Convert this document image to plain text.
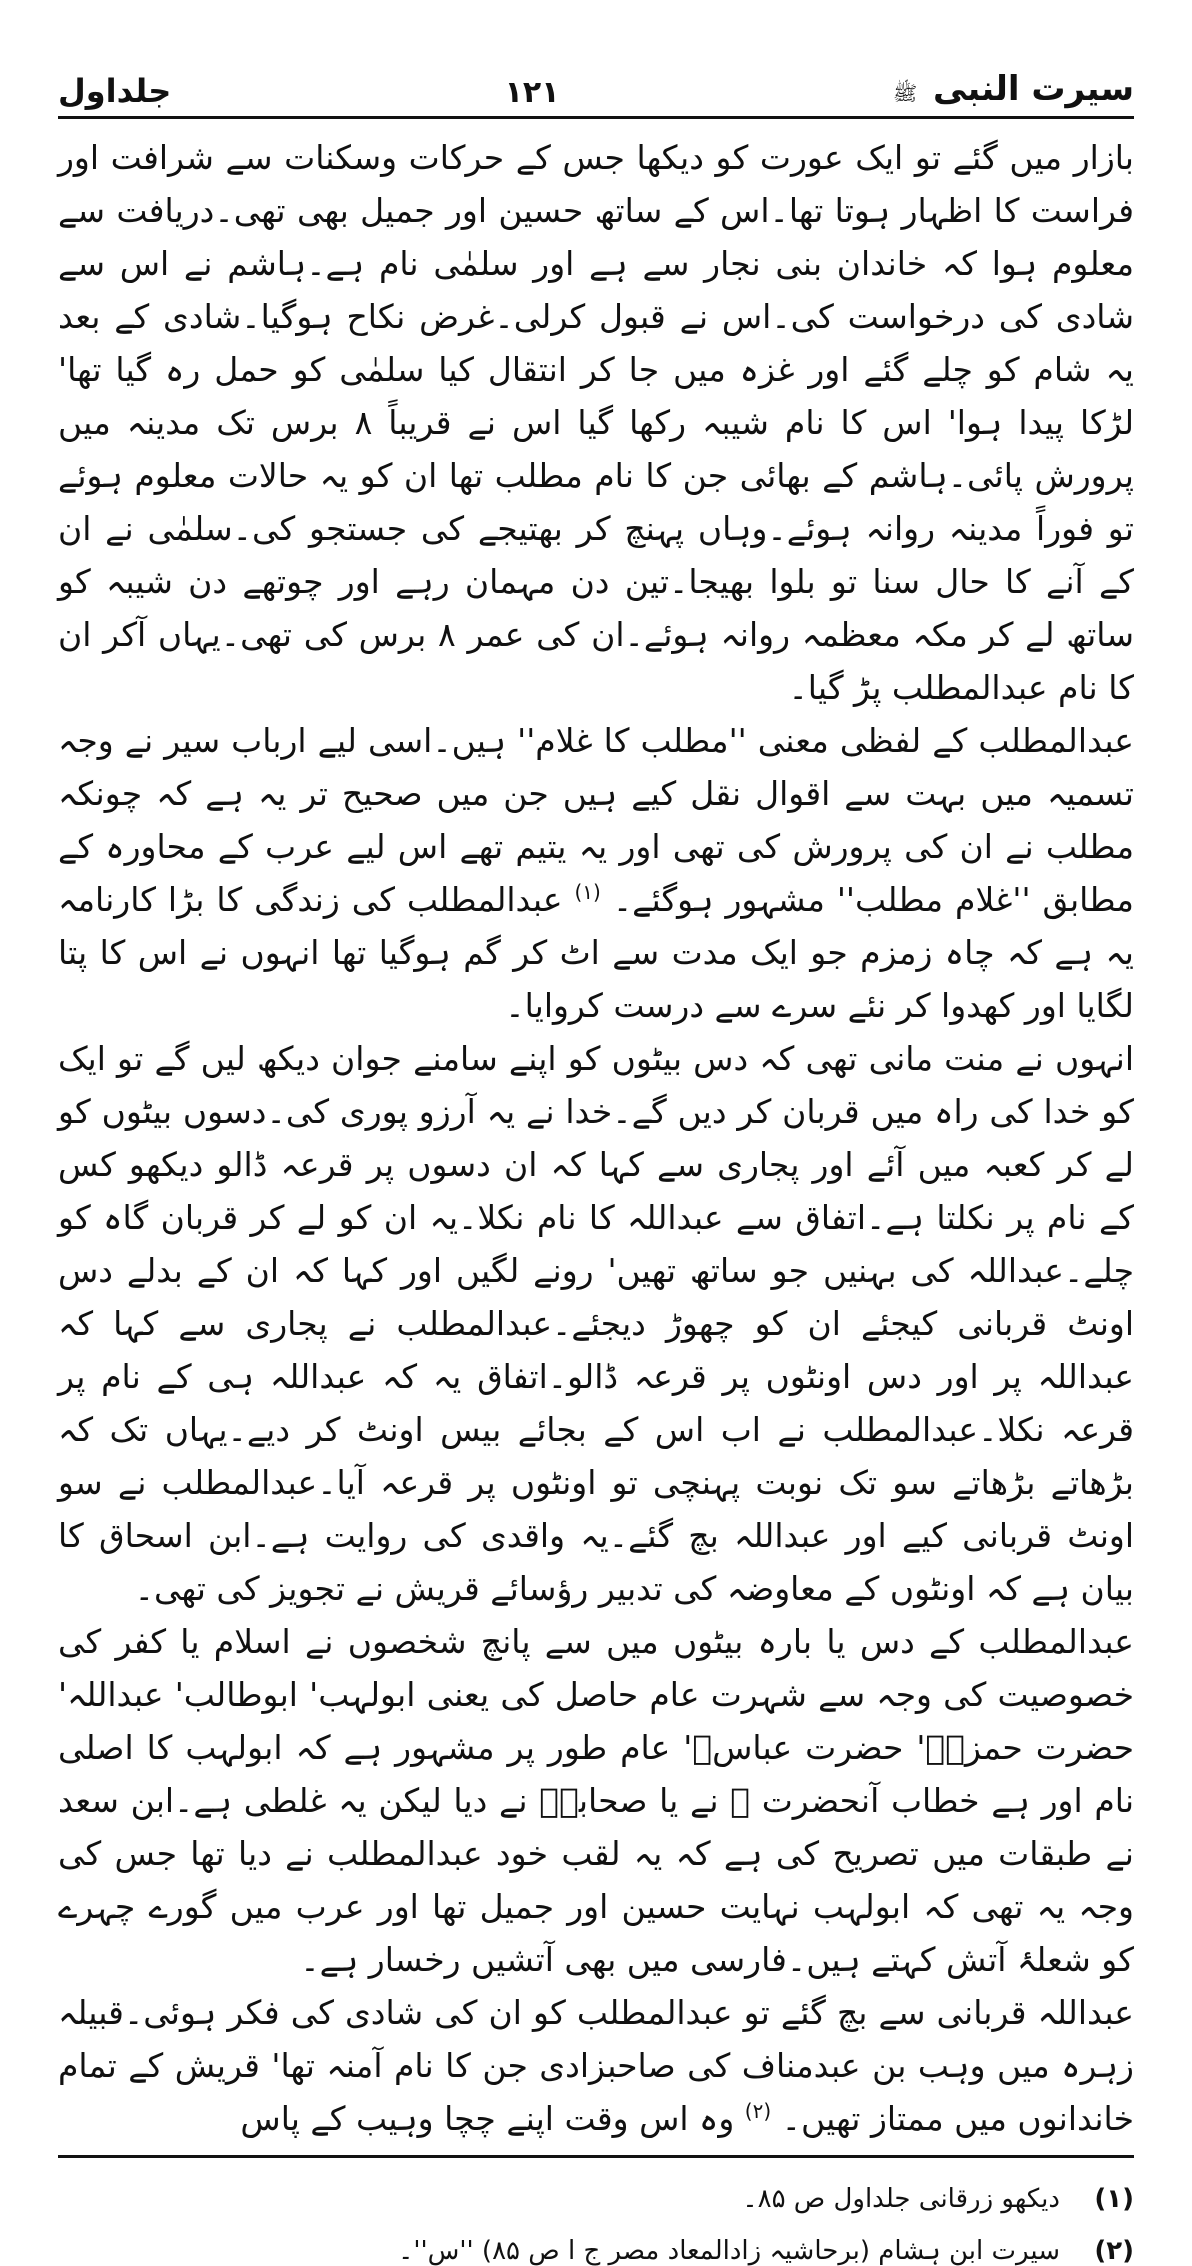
سیرت النبی ﷺ
۱۲۱
جلداول

بازار میں گئے تو ایک عورت کو دیکھا جس کے حرکات وسکنات سے شرافت اور فراست کا اظہار ہوتا تھا۔اس کے ساتھ حسین اور جمیل بھی تھی۔دریافت سے معلوم ہوا کہ خاندان بنی نجار سے ہے اور سلمٰی نام ہے۔ہاشم نے اس سے شادی کی درخواست کی۔اس نے قبول کرلی۔غرض نکاح ہوگیا۔شادی کے بعد یہ شام کو چلے گئے اور غزہ میں جا کر انتقال کیا سلمٰی کو حمل رہ گیا تھا' لڑکا پیدا ہوا' اس کا نام شیبہ رکھا گیا اس نے قریباً ۸ برس تک مدینہ میں پرورش پائی۔ہاشم کے بھائی جن کا نام مطلب تھا ان کو یہ حالات معلوم ہوئے تو فوراً مدینہ روانہ ہوئے۔وہاں پہنچ کر بھتیجے کی جستجو کی۔سلمٰی نے ان کے آنے کا حال سنا تو بلوا بھیجا۔تین دن مہمان رہے اور چوتھے دن شیبہ کو ساتھ لے کر مکہ معظمہ روانہ ہوئے۔ان کی عمر ۸ برس کی تھی۔یہاں آکر ان کا نام عبدالمطلب پڑ گیا۔

عبدالمطلب کے لفظی معنی ''مطلب کا غلام'' ہیں۔اسی لیے ارباب سیر نے وجہ تسمیہ میں بہت سے اقوال نقل کیے ہیں جن میں صحیح تر یہ ہے کہ چونکہ مطلب نے ان کی پرورش کی تھی اور یہ یتیم تھے اس لیے عرب کے محاورہ کے مطابق ''غلام مطلب'' مشہور ہوگئے۔ $^{(۱)}$ عبدالمطلب کی زندگی کا بڑا کارنامہ یہ ہے کہ چاہ زمزم جو ایک مدت سے اٹ کر گم ہوگیا تھا انہوں نے اس کا پتا لگایا اور کھدوا کر نئے سرے سے درست کروایا۔

انہوں نے منت مانی تھی کہ دس بیٹوں کو اپنے سامنے جوان دیکھ لیں گے تو ایک کو خدا کی راہ میں قربان کر دیں گے۔خدا نے یہ آرزو پوری کی۔دسوں بیٹوں کو لے کر کعبہ میں آئے اور پجاری سے کہا کہ ان دسوں پر قرعہ ڈالو دیکھو کس کے نام پر نکلتا ہے۔اتفاق سے عبداللہ کا نام نکلا۔یہ ان کو لے کر قربان گاہ کو چلے۔عبداللہ کی بہنیں جو ساتھ تھیں' رونے لگیں اور کہا کہ ان کے بدلے دس اونٹ قربانی کیجئے ان کو چھوڑ دیجئے۔عبدالمطلب نے پجاری سے کہا کہ عبداللہ پر اور دس اونٹوں پر قرعہ ڈالو۔اتفاق یہ کہ عبداللہ ہی کے نام پر قرعہ نکلا۔عبدالمطلب نے اب اس کے بجائے بیس اونٹ کر دیے۔یہاں تک کہ بڑھاتے بڑھاتے سو تک نوبت پہنچی تو اونٹوں پر قرعہ آیا۔عبدالمطلب نے سو اونٹ قربانی کیے اور عبداللہ بچ گئے۔یہ واقدی کی روایت ہے۔ابن اسحاق کا بیان ہے کہ اونٹوں کے معاوضہ کی تدبیر رؤسائے قریش نے تجویز کی تھی۔

عبدالمطلب کے دس یا بارہ بیٹوں میں سے پانچ شخصوں نے اسلام یا کفر کی خصوصیت کی وجہ سے شہرت عام حاصل کی یعنی ابولہب' ابوطالب' عبداللہ' حضرت حمزہؓ' حضرت عباسؓ' عام طور پر مشہور ہے کہ ابولہب کا اصلی نام اور ہے خطاب آنحضرت ﷺ نے یا صحابہؓ نے دیا لیکن یہ غلطی ہے۔ابن سعد نے طبقات میں تصریح کی ہے کہ یہ لقب خود عبدالمطلب نے دیا تھا جس کی وجہ یہ تھی کہ ابولہب نہایت حسین اور جمیل تھا اور عرب میں گورے چہرے کو شعلۂ آتش کہتے ہیں۔فارسی میں بھی آتشیں رخسار ہے۔

عبداللہ قربانی سے بچ گئے تو عبدالمطلب کو ان کی شادی کی فکر ہوئی۔قبیلہ زہرہ میں وہب بن عبدمناف کی صاحبزادی جن کا نام آمنہ تھا' قریش کے تمام خاندانوں میں ممتاز تھیں۔ $^{(۲)}$ وہ اس وقت اپنے چچا وہیب کے پاس

(۱)
دیکھو زرقانی جلداول ص ۸۵۔
(۲)
سیرت ابن ہشام (برحاشیہ زادالمعاد مصر ج ا ص ۸۵) ''س''۔
